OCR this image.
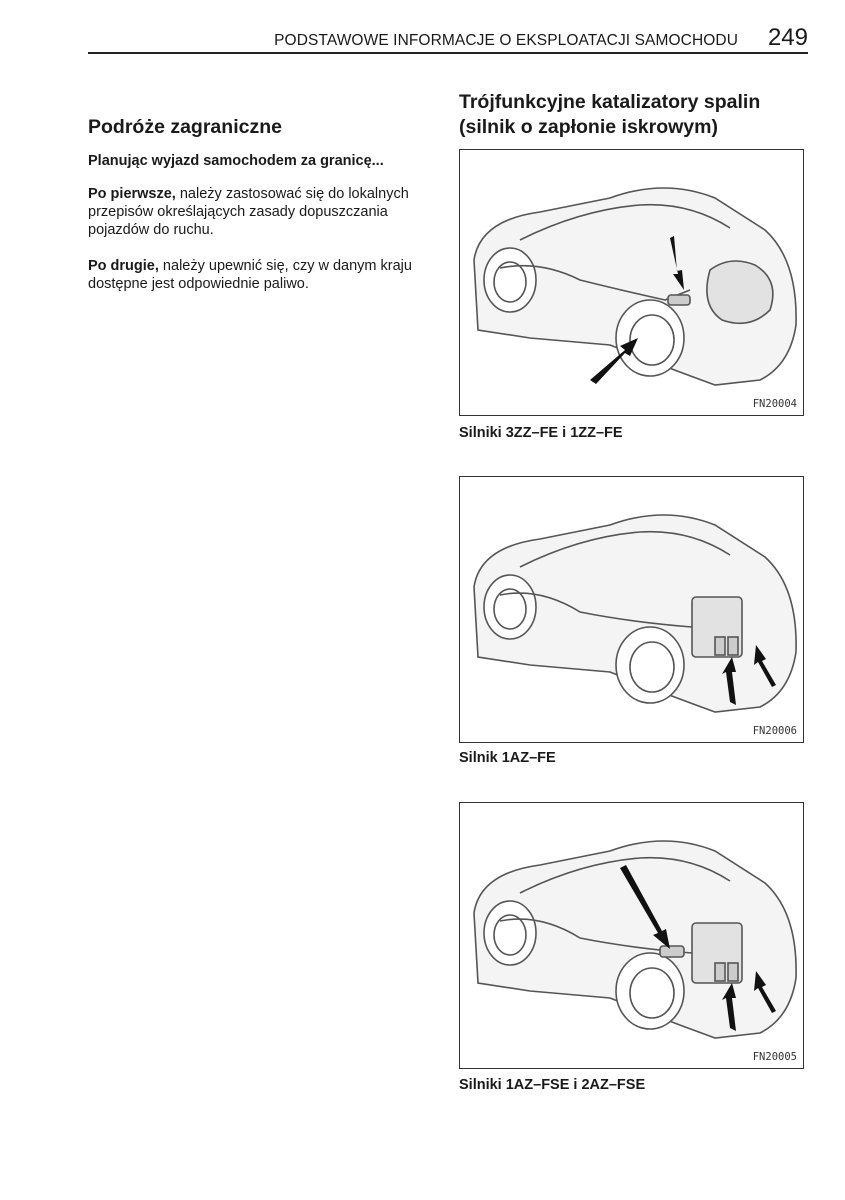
PODSTAWOWE INFORMACJE O EKSPLOATACJI SAMOCHODU 249
Podróże zagraniczne

Planując wyjazd samochodem za granicę...

Po pierwsze, należy zastosować się do lokalnych przepisów określających zasady dopuszczania pojazdów do ruchu.

Po drugie, należy upewnić się, czy w danym kraju dostępne jest odpowiednie paliwo.

Trójfunkcyjne katalizatory spalin
(silnik o zapłonie iskrowym)
FN20004
Silniki 3ZZ–FE i 1ZZ–FE
FN20006
Silnik 1AZ–FE
FN20005
Silniki 1AZ–FSE i 2AZ–FSE
